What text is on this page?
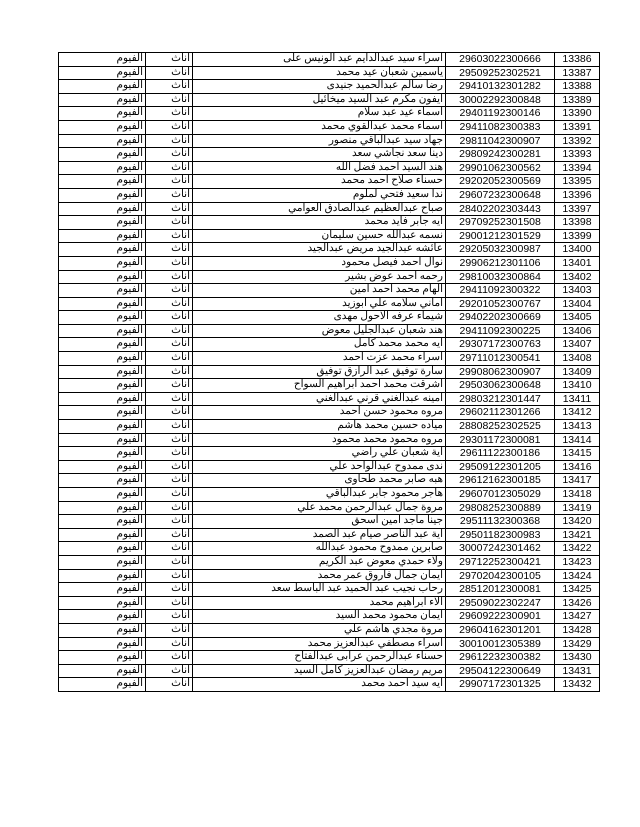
الفيوم	اناث	اسراء سيد عبدالدايم عبد الونيس على	29603022300666	13386
الفيوم	اناث	ياسمين شعبان عيد محمد	29509252302521	13387
الفيوم	اناث	رضا سالم عبدالحميد جنيدى	29410132301282	13388
الفيوم	اناث	ايفون مكرم عبد السيد ميخائيل	30002292300848	13389
الفيوم	اناث	اسماء عيد عبد سلام	29401192300146	13390
الفيوم	اناث	اسماء محمد عبدالقوي محمد	29411082300383	13391
الفيوم	اناث	جهاد سيد عبدالباقي منصور	29811042300907	13392
الفيوم	اناث	دينا سعد نجاشي سعد	29809242300281	13393
الفيوم	اناث	هند السيد احمد فضل الله	29901062300562	13394
الفيوم	اناث	حسناء صلاح احمد محمد	29202052300569	13395
الفيوم	اناث	ندا سعيد فتحي لملوم	29607232300648	13396
الفيوم	اناث	صباح عبدالعظيم عبدالصادق العوامي	28402202303443	13397
الفيوم	اناث	ايه جابر فايد محمد	29709252301508	13398
الفيوم	اناث	نسمه عبدالله حسين سليمان	29001212301529	13399
الفيوم	اناث	عائشه عبدالجيد مريض عبدالجيد	29205032300987	13400
الفيوم	اناث	نوال احمد فيصل محمود	29906212301106	13401
الفيوم	اناث	رحمه احمد عوض بشير	29810032300864	13402
الفيوم	اناث	الهام محمد احمد امين	29411092300322	13403
الفيوم	اناث	اماني سلامه علي ابوزيد	29201052300767	13404
الفيوم	اناث	شيماء عرفه الاحول مهدى	29402202300669	13405
الفيوم	اناث	هند شعبان عبدالجليل معوض	29411092300225	13406
الفيوم	اناث	ايه محمد محمد كامل	29307172300763	13407
الفيوم	اناث	اسراء محمد عزت احمد	29711012300541	13408
الفيوم	اناث	سارة توفيق عبد الرازق توفيق	29908062300907	13409
الفيوم	اناث	اشرقت محمد احمد ابراهيم السواح	29503062300648	13410
الفيوم	اناث	امينه عبدالغني قرني عبدالغني	29803212301447	13411
الفيوم	اناث	مروه محمود حسن احمد	29602112301266	13412
الفيوم	اناث	مياده حسين محمد هاشم	28808252302525	13413
الفيوم	اناث	مروه محمود محمد محمود	29301172300081	13414
الفيوم	اناث	اية شعبان علي راضي	29611122300186	13415
الفيوم	اناث	ندى ممدوح عبدالواحد علي	29509122301205	13416
الفيوم	اناث	هبه صابر محمد طحاوى	29612162300185	13417
الفيوم	اناث	هاجر محمود جابر عبدالباقي	29607012305029	13418
الفيوم	اناث	مروة جمال عبدالرحمن محمد علي	29808252300889	13419
الفيوم	اناث	جينا ماجد امين اسحق	29511132300368	13420
الفيوم	اناث	اية عبد الناصر صيام عبد الصمد	29501182300983	13421
الفيوم	اناث	صابرين ممدوح محمود عبدالله	30007242301462	13422
الفيوم	اناث	ولاء حمدي معوض عبد الكريم	29712252300421	13423
الفيوم	اناث	ايمان جمال فاروق عمر محمد	29702042300105	13424
الفيوم	اناث	رحاب نجيب عبد الحميد عبد الباسط سعد	28512012300081	13425
الفيوم	اناث	الاء ابراهيم محمد	29509022302247	13426
الفيوم	اناث	ايمان محمود محمد السيد	29609222300901	13427
الفيوم	اناث	مروة مجدي هاشم علي	29604162301201	13428
الفيوم	اناث	اسراء مصطفي عبدالعزيز محمد	30010012305389	13429
الفيوم	اناث	حسناء عبدالرحمن عرابى عبدالفتاح	29612232300382	13430
الفيوم	اناث	مريم رمضان عبدالعزيز كامل السيد	29504122300649	13431
الفيوم	اناث	ايه سيد احمد محمد	29907172301325	13432
